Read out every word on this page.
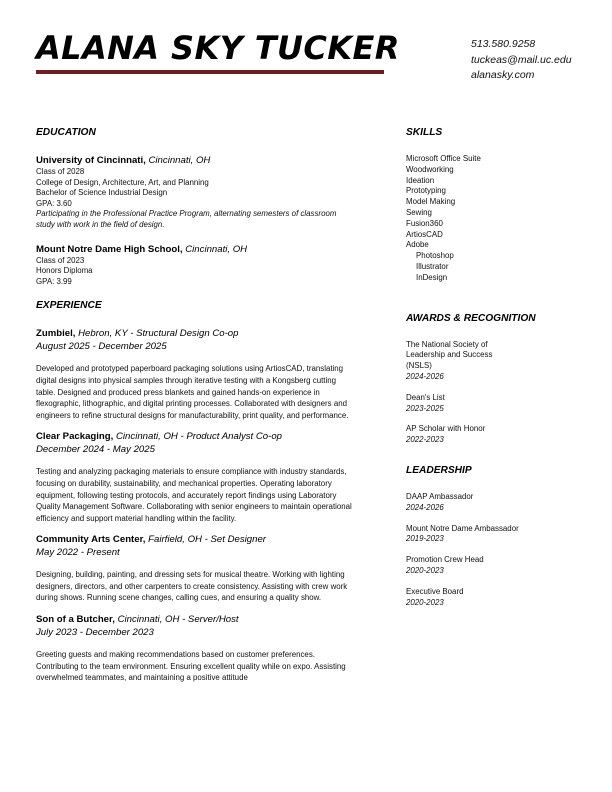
ALANA SKY TUCKER	513.580.9258
tuckeas@mail.uc.edu
alanasky.com
EDUCATION
University of Cincinnati, Cincinnati, OH
Class of 2028
College of Design, Architecture, Art, and Planning
Bachelor of Science Industrial Design
GPA: 3.60
Participating in the Professional Practice Program, alternating semesters of classroom study with work in the field of design.
Mount Notre Dame High School, Cincinnati, OH
Class of 2023
Honors Diploma
GPA: 3.99
EXPERIENCE
Zumbiel, Hebron, KY - Structural Design Co-op
August 2025 - December 2025
Developed and prototyped paperboard packaging solutions using ArtiosCAD, translating digital designs into physical samples through iterative testing with a Kongsberg cutting table. Designed and produced press blankets and gained hands-on experience in flexographic, lithographic, and digital printing processes. Collaborated with designers and engineers to refine structural designs for manufacturability, print quality, and performance.
Clear Packaging, Cincinnati, OH - Product Analyst Co-op
December 2024 - May 2025
Testing and analyzing packaging materials to ensure compliance with industry standards, focusing on durability, sustainability, and mechanical properties. Operating laboratory equipment, following testing protocols, and accurately report findings using Laboratory Quality Management Software. Collaborating with senior engineers to maintain operational efficiency and support material handling within the facility.
Community Arts Center, Fairfield, OH - Set Designer
May 2022 - Present
Designing, building, painting, and dressing sets for musical theatre. Working with lighting designers, directors, and other carpenters to create consistency. Assisting with crew work during shows. Running scene changes, calling cues, and ensuring a quality show.
Son of a Butcher, Cincinnati, OH - Server/Host
July 2023 - December 2023
Greeting guests and making recommendations based on customer preferences. Contributing to the team environment. Ensuring excellent quality while on expo. Assisting overwhelmed teammates, and maintaining a positive attitude
SKILLS
Microsoft Office Suite
Woodworking
Ideation
Prototyping
Model Making
Sewing
Fusion360
ArtiosCAD
Adobe
Photoshop
Illustrator
InDesign
AWARDS & RECOGNITION
The National Society of Leadership and Success (NSLS)
2024-2026
Dean's List
2023-2025
AP Scholar with Honor
2022-2023
LEADERSHIP
DAAP Ambassador
2024-2026
Mount Notre Dame Ambassador
2019-2023
Promotion Crew Head
2020-2023
Executive Board
2020-2023
